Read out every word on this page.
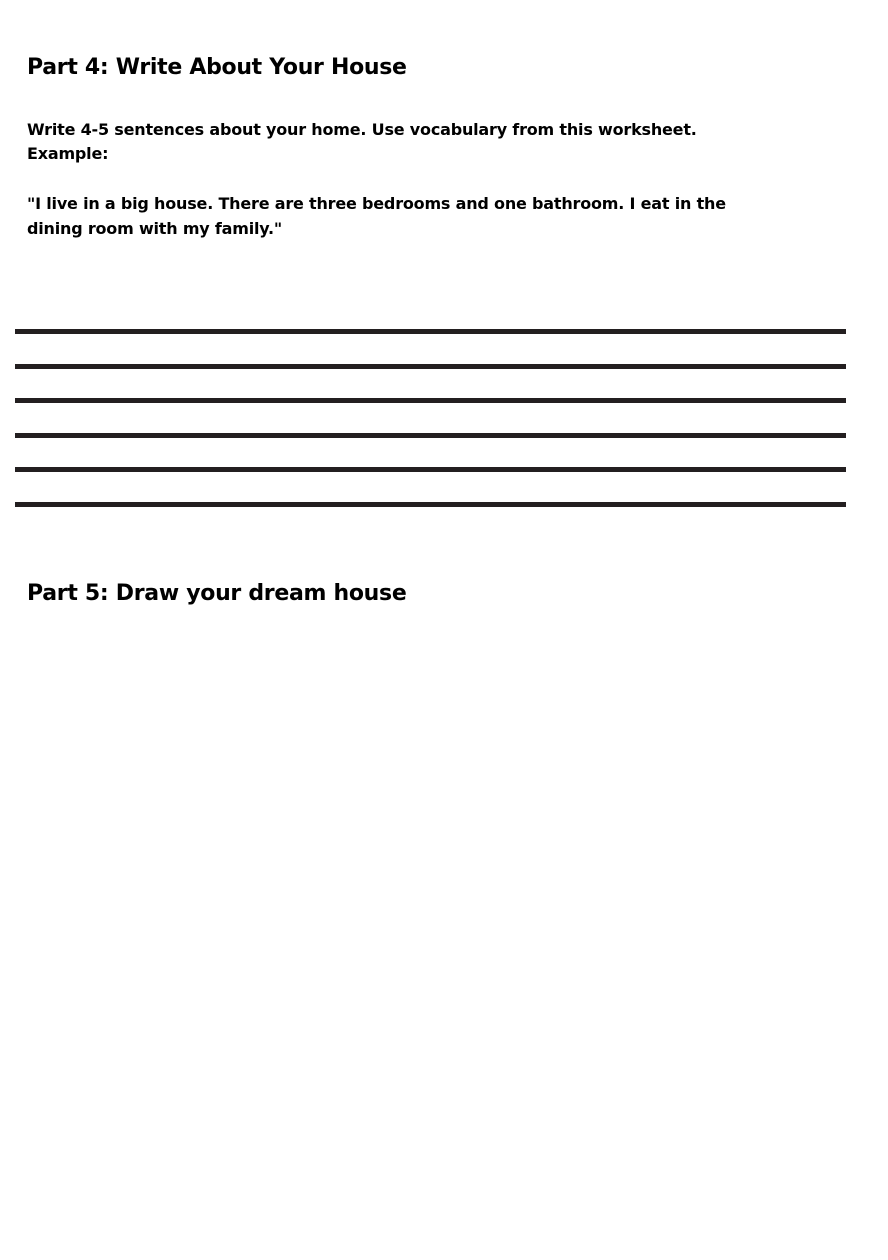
Part 4: Write About Your House

Write 4-5 sentences about your home. Use vocabulary from this worksheet.

Example:

"I live in a big house. There are three bedrooms and one bathroom. I eat in the dining room with my family."

Part 5: Draw your dream house
